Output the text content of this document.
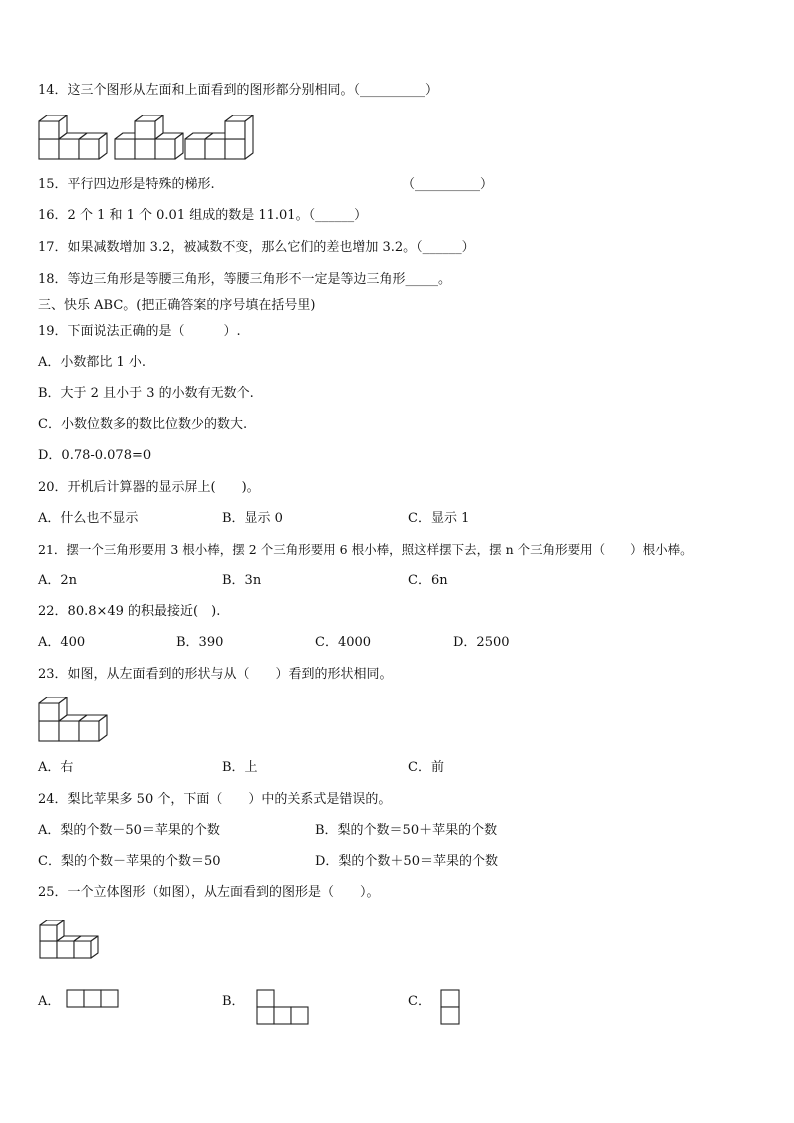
14．这三个图形从左面和上面看到的图形都分别相同。（__________）
15．平行四边形是特殊的梯形.	（__________）
16．2 个 1 和 1 个 0.01 组成的数是 11.01。（______）
17．如果减数增加 3.2，被减数不变，那么它们的差也增加 3.2。（______）
18．等边三角形是等腰三角形，等腰三角形不一定是等边三角形_____。
三、快乐 ABC。(把正确答案的序号填在括号里)
19．下面说法正确的是（　　　）.
A．小数都比 1 小.
B．大于 2 且小于 3 的小数有无数个.
C．小数位数多的数比位数少的数大.
D．0.78-0.078=0
20．开机后计算器的显示屏上(　　)。
A．什么也不显示	B．显示 0	C．显示 1
21．摆一个三角形要用 3 根小棒，摆 2 个三角形要用 6 根小棒，照这样摆下去，摆 n 个三角形要用（　　）根小棒。
A．2n	B．3n	C．6n
22．80.8×49 的积最接近(　).
A．400	B．390	C．4000	D．2500
23．如图，从左面看到的形状与从（　　）看到的形状相同。
A．右	B．上	C．前
24．梨比苹果多 50 个，下面（　　）中的关系式是错误的。
A．梨的个数－50＝苹果的个数	B．梨的个数＝50＋苹果的个数
C．梨的个数－苹果的个数＝50	D．梨的个数＋50＝苹果的个数
25．一个立体图形（如图），从左面看到的图形是（　　）。
A．	B．	C．
